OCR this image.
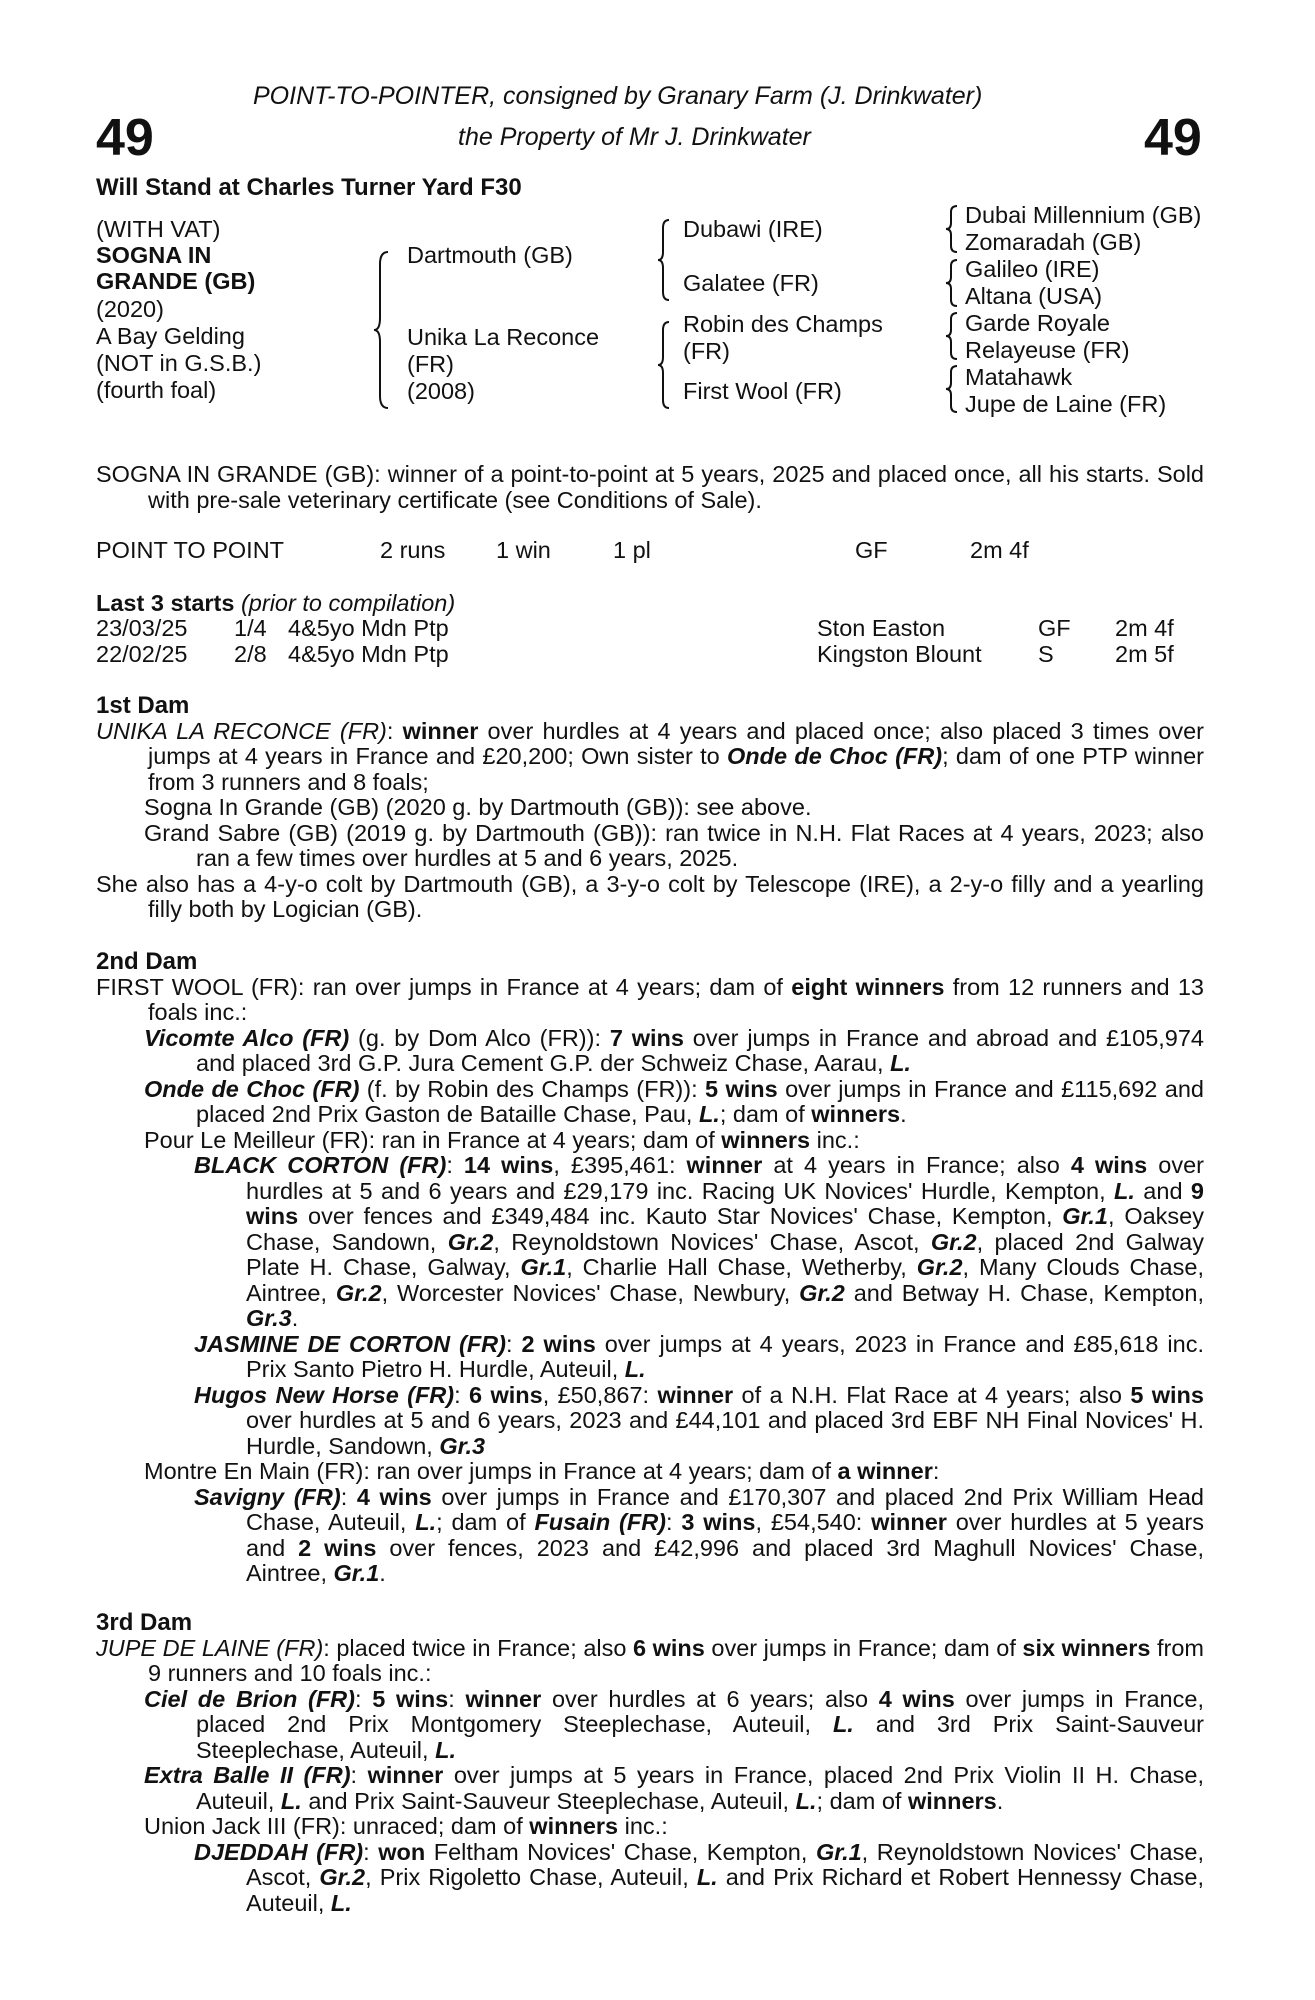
POINT-TO-POINTER, consigned by Granary Farm (J. Drinkwater)
the Property of Mr J. Drinkwater
49	49
Will Stand at Charles Turner Yard F30
(WITH VAT)
SOGNA IN
GRANDE (GB)
(2020)
A Bay Gelding
(NOT in G.S.B.)
(fourth foal)
Dartmouth (GB)
Unika La Reconce
(FR)
(2008)
Dubawi (IRE)
Galatee (FR)
Robin des Champs
(FR)
First Wool (FR)
Dubai Millennium (GB)
Zomaradah (GB)
Galileo (IRE)
Altana (USA)
Garde Royale
Relayeuse (FR)
Matahawk
Jupe de Laine (FR)

SOGNA IN GRANDE (GB): winner of a point-to-point at 5 years, 2025 and placed once, all his starts. Sold with pre-sale veterinary certificate (see Conditions of Sale).

POINT TO POINT	2 runs 1 win	1 pl	GF	2m 4f
Last 3 starts (prior to compilation)
23/03/25 1/4 4&5yo Mdn Ptp	Ston Easton	GF 2m 4f
22/02/25 2/8 4&5yo Mdn Ptp	Kingston Blount S	2m 5f

1st Dam

UNIKA LA RECONCE (FR): winner over hurdles at 4 years and placed once; also placed 3 times over jumps at 4 years in France and £20,200; Own sister to Onde de Choc (FR); dam of one PTP winner from 3 runners and 8 foals;

Sogna In Grande (GB) (2020 g. by Dartmouth (GB)): see above.

Grand Sabre (GB) (2019 g. by Dartmouth (GB)): ran twice in N.H. Flat Races at 4 years, 2023; also ran a few times over hurdles at 5 and 6 years, 2025.

She also has a 4-y-o colt by Dartmouth (GB), a 3-y-o colt by Telescope (IRE), a 2-y-o filly and a yearling filly both by Logician (GB).

2nd Dam

FIRST WOOL (FR): ran over jumps in France at 4 years; dam of eight winners from 12 runners and 13 foals inc.:

Vicomte Alco (FR) (g. by Dom Alco (FR)): 7 wins over jumps in France and abroad and £105,974 and placed 3rd G.P. Jura Cement G.P. der Schweiz Chase, Aarau, L.

Onde de Choc (FR) (f. by Robin des Champs (FR)): 5 wins over jumps in France and £115,692 and placed 2nd Prix Gaston de Bataille Chase, Pau, L.; dam of winners.

Pour Le Meilleur (FR): ran in France at 4 years; dam of winners inc.:

BLACK CORTON (FR): 14 wins, £395,461: winner at 4 years in France; also 4 wins over hurdles at 5 and 6 years and £29,179 inc. Racing UK Novices' Hurdle, Kempton, L. and 9 wins over fences and £349,484 inc. Kauto Star Novices' Chase, Kempton, Gr.1, Oaksey Chase, Sandown, Gr.2, Reynoldstown Novices' Chase, Ascot, Gr.2, placed 2nd Galway Plate H. Chase, Galway, Gr.1, Charlie Hall Chase, Wetherby, Gr.2, Many Clouds Chase, Aintree, Gr.2, Worcester Novices' Chase, Newbury, Gr.2 and Betway H. Chase, Kempton, Gr.3.

JASMINE DE CORTON (FR): 2 wins over jumps at 4 years, 2023 in France and £85,618 inc. Prix Santo Pietro H. Hurdle, Auteuil, L.

Hugos New Horse (FR): 6 wins, £50,867: winner of a N.H. Flat Race at 4 years; also 5 wins over hurdles at 5 and 6 years, 2023 and £44,101 and placed 3rd EBF NH Final Novices' H. Hurdle, Sandown, Gr.3

Montre En Main (FR): ran over jumps in France at 4 years; dam of a winner:

Savigny (FR): 4 wins over jumps in France and £170,307 and placed 2nd Prix William Head Chase, Auteuil, L.; dam of Fusain (FR): 3 wins, £54,540: winner over hurdles at 5 years and 2 wins over fences, 2023 and £42,996 and placed 3rd Maghull Novices' Chase, Aintree, Gr.1.

3rd Dam

JUPE DE LAINE (FR): placed twice in France; also 6 wins over jumps in France; dam of six winners from 9 runners and 10 foals inc.:

Ciel de Brion (FR): 5 wins: winner over hurdles at 6 years; also 4 wins over jumps in France, placed 2nd Prix Montgomery Steeplechase, Auteuil, L. and 3rd Prix Saint-Sauveur Steeplechase, Auteuil, L.

Extra Balle II (FR): winner over jumps at 5 years in France, placed 2nd Prix Violin II H. Chase, Auteuil, L. and Prix Saint-Sauveur Steeplechase, Auteuil, L.; dam of winners.

Union Jack III (FR): unraced; dam of winners inc.:

DJEDDAH (FR): won Feltham Novices' Chase, Kempton, Gr.1, Reynoldstown Novices' Chase, Ascot, Gr.2, Prix Rigoletto Chase, Auteuil, L. and Prix Richard et Robert Hennessy Chase, Auteuil, L.
